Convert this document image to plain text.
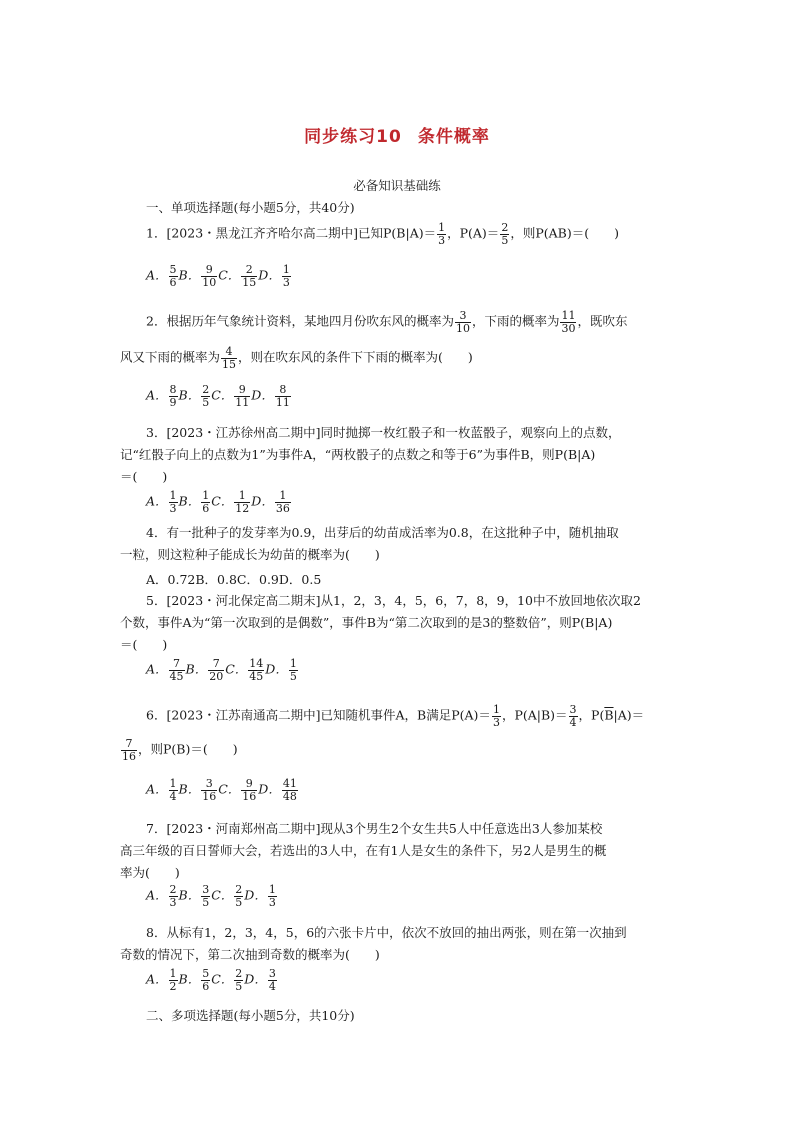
同步练习10 条件概率
必备知识基础练
一、单项选择题(每小题5分，共40分)

1．[2023・黑龙江齐齐哈尔高二期中]已知$P(B|A)= \frac{1}{3}$ ，$P(A)= \frac{2}{5}$ ，则P(AB)＝(　　)

A． $\frac{5}{6}$ B． $\frac{9}{10}$ C． $\frac{2}{15}$ D． $\frac{1}{3}$

2．根据历年气象统计资料，某地四月份吹东风的概率为 $\frac{3}{10}$ ，下雨的概率为 $\frac{11}{30}$ ，既吹东

风又下雨的概率为 $\frac{4}{15}$ ，则在吹东风的条件下下雨的概率为(　　)

A． $\frac{8}{9}$ B． $\frac{2}{5}$ C． $\frac{9}{11}$ D． $\frac{8}{11}$

3．[2023・江苏徐州高二期中]同时抛掷一枚红骰子和一枚蓝骰子，观察向上的点数，

记“红骰子向上的点数为1”为事件A，“两枚骰子的点数之和等于6”为事件B，则P(B|A)

＝(　　)

A． $\frac{1}{3}$ B． $\frac{1}{6}$ C． $\frac{1}{12}$ D． $\frac{1}{36}$

4．有一批种子的发芽率为0.9，出芽后的幼苗成活率为0.8，在这批种子中，随机抽取

一粒，则这粒种子能成长为幼苗的概率为(　　)

A．0.72B．0.8C．0.9D．0.5

5．[2023・河北保定高二期末]从1，2，3，4，5，6，7，8，9，10中不放回地依次取2

个数，事件A为“第一次取到的是偶数”，事件B为“第二次取到的是3的整数倍”，则P(B|A)

＝(　　)

A． $\frac{7}{45}$ B． $\frac{7}{20}$ C． $\frac{14}{45}$ D． $\frac{1}{5}$

6．[2023・江苏南通高二期中]已知随机事件A，B满足$P(A)= \frac{1}{3}$ ，$P(A|B)= \frac{3}{4}$ ，$P(\overline{B}|A)=$

$\frac{7}{16}$ ，则P(B)＝(　　)

A． $\frac{1}{4}$ B． $\frac{3}{16}$ C． $\frac{9}{16}$ D． $\frac{41}{48}$

7．[2023・河南郑州高二期中]现从3个男生2个女生共5人中任意选出3人参加某校

高三年级的百日誓师大会，若选出的3人中，在有1人是女生的条件下，另2人是男生的概

率为(　　)

A． $\frac{2}{3}$ B． $\frac{3}{5}$ C． $\frac{2}{5}$ D． $\frac{1}{3}$

8．从标有1，2，3，4，5，6的六张卡片中，依次不放回的抽出两张，则在第一次抽到

奇数的情况下，第二次抽到奇数的概率为(　　)

A． $\frac{1}{2}$ B． $\frac{5}{6}$ C． $\frac{2}{5}$ D． $\frac{3}{4}$
二、多项选择题(每小题5分，共10分)
